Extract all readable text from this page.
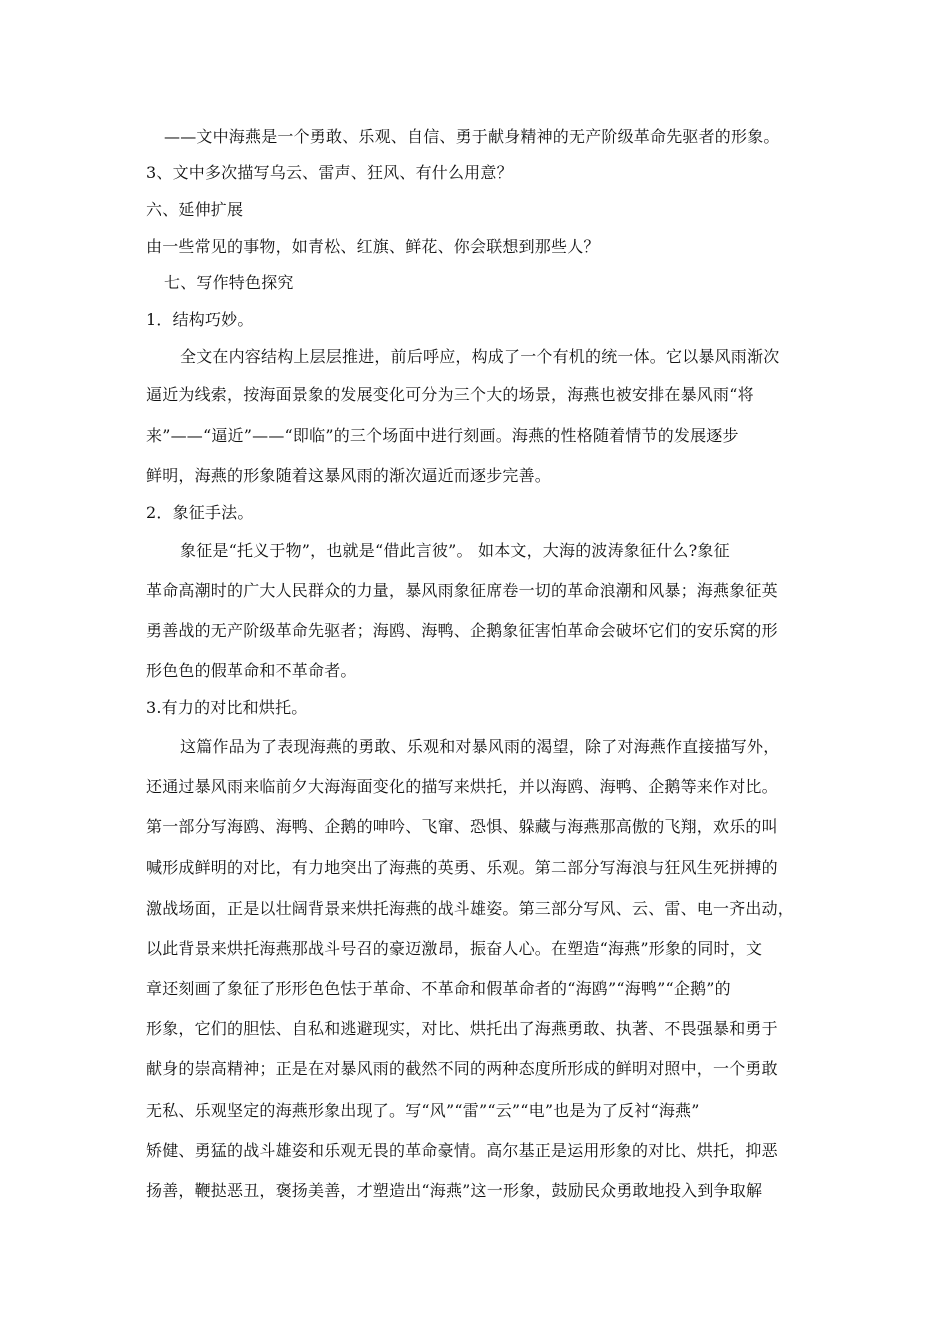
——文中海燕是一个勇敢、乐观、自信、勇于献身精神的无产阶级革命先驱者的形象。
3、文中多次描写乌云、雷声、狂风、有什么用意？
六、延伸扩展
由一些常见的事物，如青松、红旗、鲜花、你会联想到那些人？
七、写作特色探究
1．结构巧妙。
全文在内容结构上层层推进，前后呼应，构成了一个有机的统一体。它以暴风雨渐次
逼近为线索，按海面景象的发展变化可分为三个大的场景，海燕也被安排在暴风雨“将
来”——“逼近”——“即临”的三个场面中进行刻画。海燕的性格随着情节的发展逐步
鲜明，海燕的形象随着这暴风雨的渐次逼近而逐步完善。
2．象征手法。
象征是“托义于物”，也就是“借此言彼”。 如本文，大海的波涛象征什么?象征
革命高潮时的广大人民群众的力量，暴风雨象征席卷一切的革命浪潮和风暴；海燕象征英
勇善战的无产阶级革命先驱者；海鸥、海鸭、企鹅象征害怕革命会破坏它们的安乐窝的形
形色色的假革命和不革命者。
3.有力的对比和烘托。
这篇作品为了表现海燕的勇敢、乐观和对暴风雨的渴望，除了对海燕作直接描写外，
还通过暴风雨来临前夕大海海面变化的描写来烘托，并以海鸥、海鸭、企鹅等来作对比。
第一部分写海鸥、海鸭、企鹅的呻吟、飞窜、恐惧、躲藏与海燕那高傲的飞翔，欢乐的叫
喊形成鲜明的对比，有力地突出了海燕的英勇、乐观。第二部分写海浪与狂风生死拼搏的
激战场面，正是以壮阔背景来烘托海燕的战斗雄姿。第三部分写风、云、雷、电一齐出动，
以此背景来烘托海燕那战斗号召的豪迈激昂，振奋人心。在塑造“海燕”形象的同时，文
章还刻画了象征了形形色色怯于革命、不革命和假革命者的“海鸥”“海鸭”“企鹅”的
形象，它们的胆怯、自私和逃避现实，对比、烘托出了海燕勇敢、执著、不畏强暴和勇于
献身的崇高精神；正是在对暴风雨的截然不同的两种态度所形成的鲜明对照中，一个勇敢
无私、乐观坚定的海燕形象出现了。写“风”“雷”“云”“电”也是为了反衬“海燕”
矫健、勇猛的战斗雄姿和乐观无畏的革命豪情。高尔基正是运用形象的对比、烘托，抑恶
扬善，鞭挞恶丑，褒扬美善，才塑造出“海燕”这一形象，鼓励民众勇敢地投入到争取解
